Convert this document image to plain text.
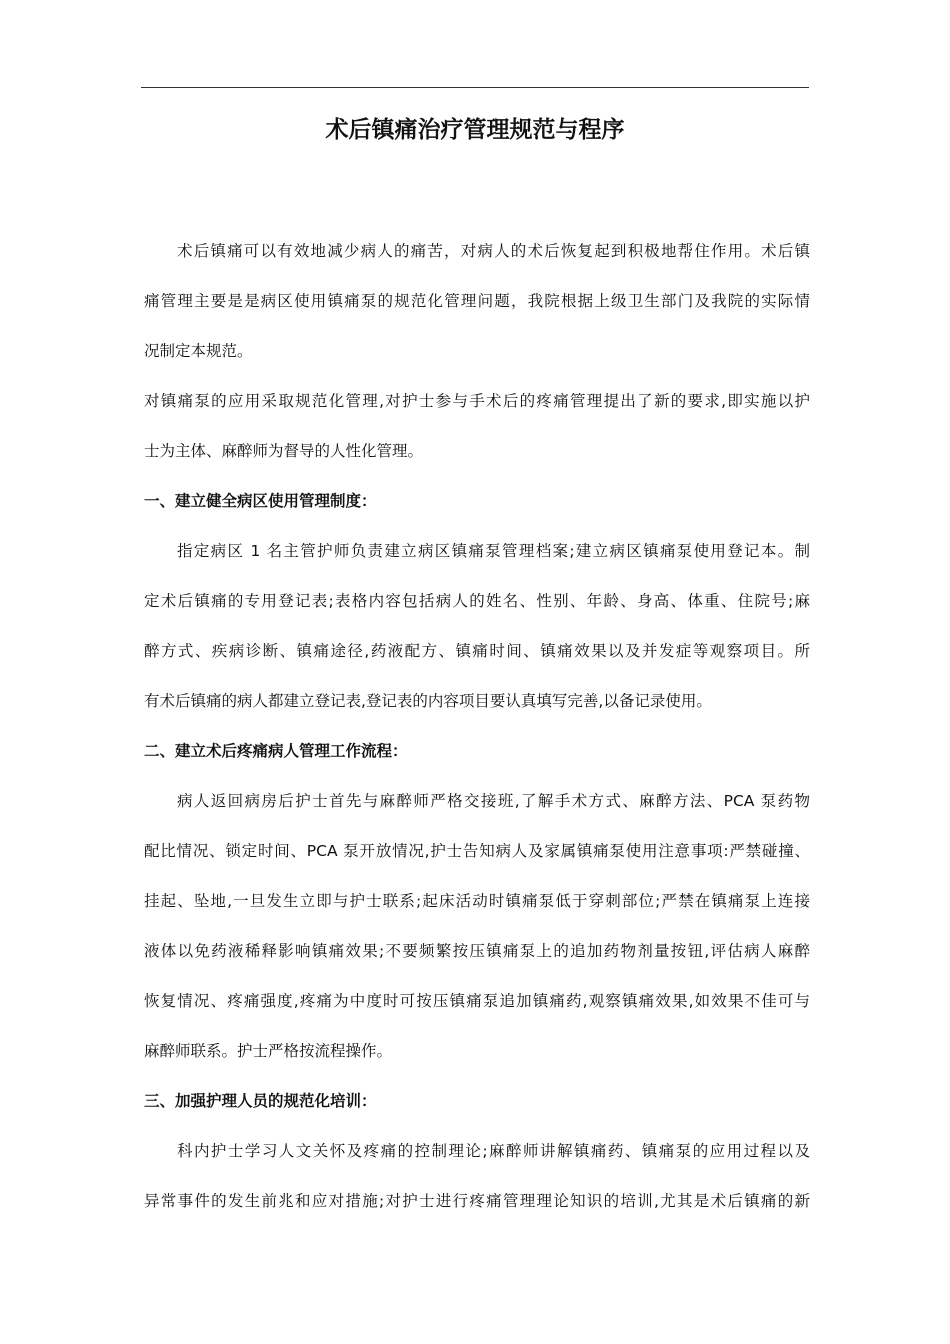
术后镇痛治疗管理规范与程序

术后镇痛可以有效地减少病人的痛苦，对病人的术后恢复起到积极地帮住作用。术后镇
痛管理主要是是病区使用镇痛泵的规范化管理问题，我院根据上级卫生部门及我院的实际情
况制定本规范。

对镇痛泵的应用采取规范化管理,对护士参与手术后的疼痛管理提出了新的要求,即实施以护
士为主体、麻醉师为督导的人性化管理。

一、建立健全病区使用管理制度：

指定病区 1 名主管护师负责建立病区镇痛泵管理档案;建立病区镇痛泵使用登记本。制
定术后镇痛的专用登记表;表格内容包括病人的姓名、性别、年龄、身高、体重、住院号;麻
醉方式、疾病诊断、镇痛途径,药液配方、镇痛时间、镇痛效果以及并发症等观察项目。所
有术后镇痛的病人都建立登记表,登记表的内容项目要认真填写完善,以备记录使用。

二、建立术后疼痛病人管理工作流程：

病人返回病房后护士首先与麻醉师严格交接班,了解手术方式、麻醉方法、PCA 泵药物
配比情况、锁定时间、PCA 泵开放情况,护士告知病人及家属镇痛泵使用注意事项:严禁碰撞、
挂起、坠地,一旦发生立即与护士联系;起床活动时镇痛泵低于穿刺部位;严禁在镇痛泵上连接
液体以免药液稀释影响镇痛效果;不要频繁按压镇痛泵上的追加药物剂量按钮,评估病人麻醉
恢复情况、疼痛强度,疼痛为中度时可按压镇痛泵追加镇痛药,观察镇痛效果,如效果不佳可与
麻醉师联系。护士严格按流程操作。

三、加强护理人员的规范化培训：

科内护士学习人文关怀及疼痛的控制理论;麻醉师讲解镇痛药、镇痛泵的应用过程以及
异常事件的发生前兆和应对措施;对护士进行疼痛管理理论知识的培训,尤其是术后镇痛的新
